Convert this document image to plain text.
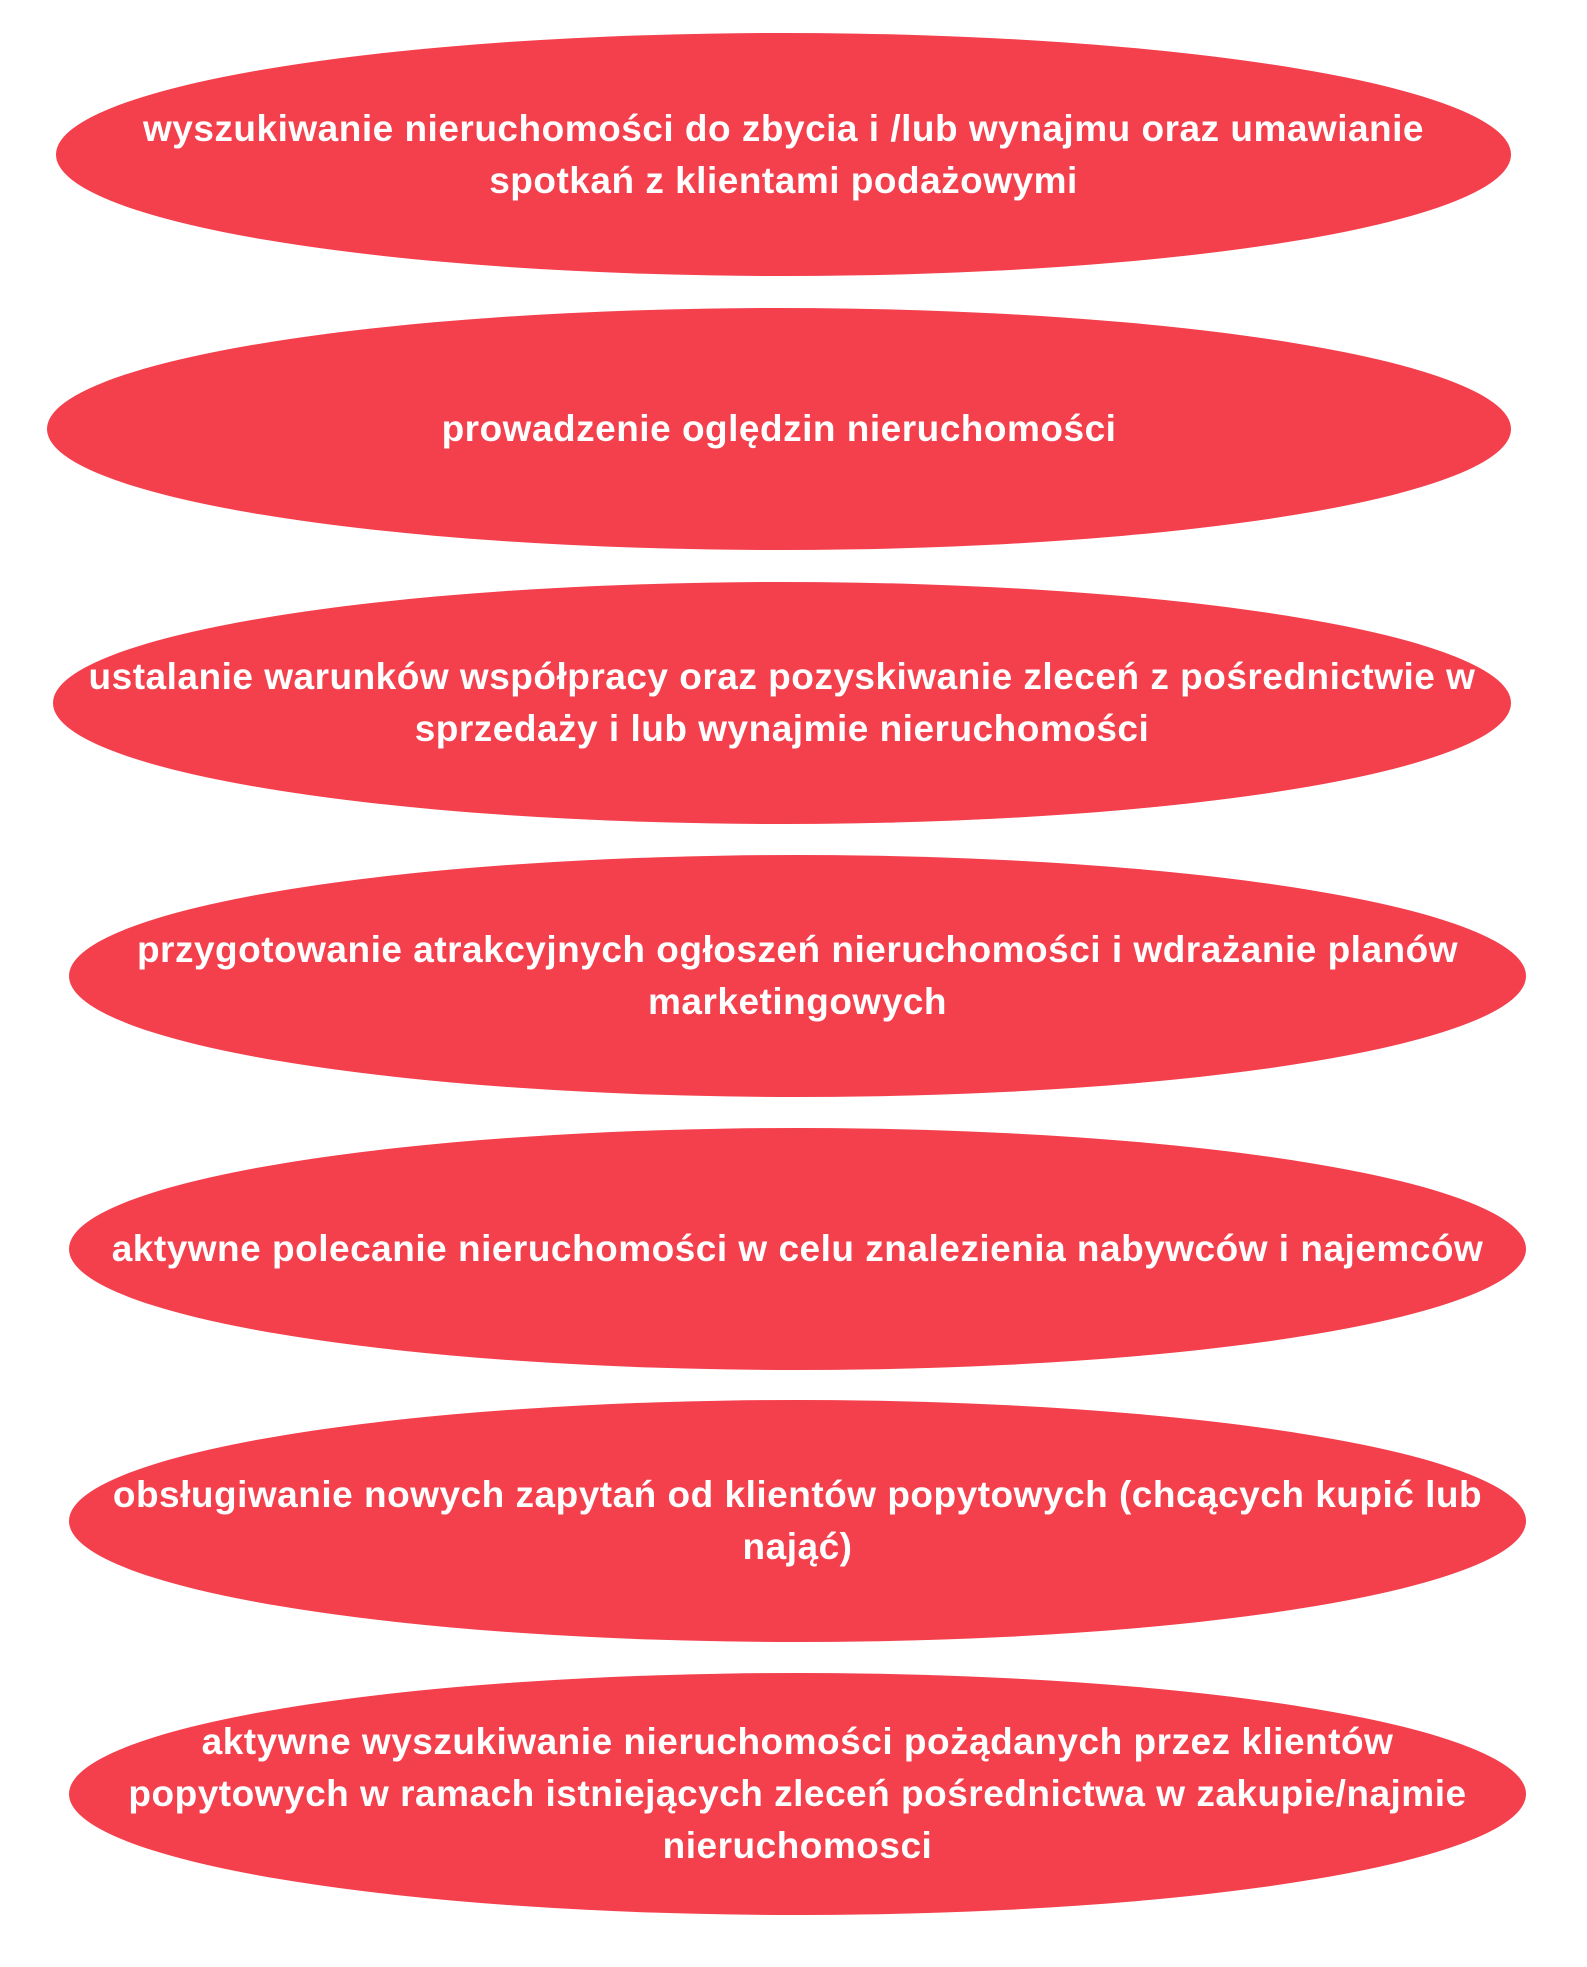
wyszukiwanie nieruchomości do zbycia i /lub wynajmu oraz umawianie spotkań z klientami podażowymi
prowadzenie oględzin nieruchomości
ustalanie warunków współpracy oraz pozyskiwanie zleceń z pośrednictwie w sprzedaży i lub wynajmie nieruchomości
przygotowanie atrakcyjnych ogłoszeń nieruchomości i wdrażanie planów marketingowych
aktywne polecanie nieruchomości w celu znalezienia nabywców i najemców
obsługiwanie nowych zapytań od klientów popytowych (chcących kupić lub nająć)
aktywne wyszukiwanie nieruchomości pożądanych przez klientów popytowych w ramach istniejących zleceń pośrednictwa w zakupie/najmie nieruchomosci
